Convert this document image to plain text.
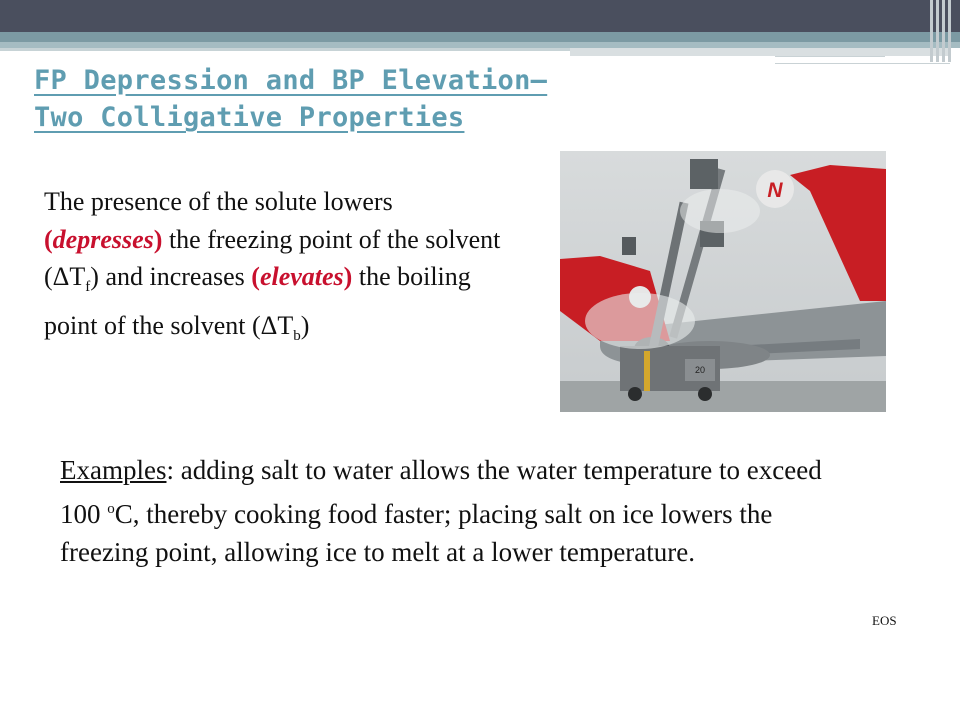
FP Depression and BP Elevation—
Two Colligative Properties

The presence of the solute lowers (depresses) the freezing point of the solvent $(\Delta T_f)$ and increases (elevates) the boiling point of the solvent $(\Delta T_b)$

N
20

Examples: adding salt to water allows the water temperature to exceed 100 $^o$C, thereby cooking food faster; placing salt on ice lowers the freezing point, allowing ice to melt at a lower temperature.

EOS
